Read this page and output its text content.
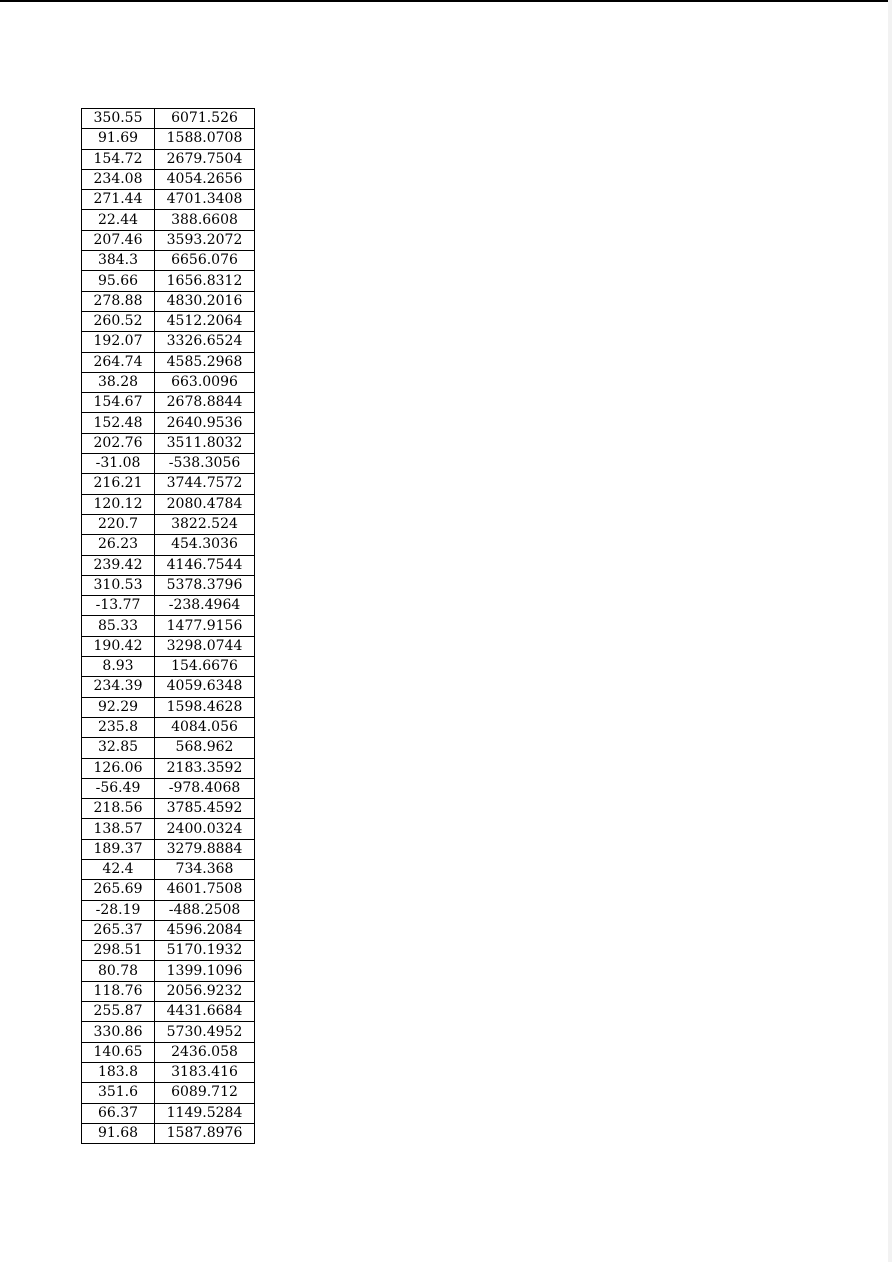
350.55	6071.526
91.69	1588.0708
154.72	2679.7504
234.08	4054.2656
271.44	4701.3408
22.44	388.6608
207.46	3593.2072
384.3	6656.076
95.66	1656.8312
278.88	4830.2016
260.52	4512.2064
192.07	3326.6524
264.74	4585.2968
38.28	663.0096
154.67	2678.8844
152.48	2640.9536
202.76	3511.8032
-31.08	-538.3056
216.21	3744.7572
120.12	2080.4784
220.7	3822.524
26.23	454.3036
239.42	4146.7544
310.53	5378.3796
-13.77	-238.4964
85.33	1477.9156
190.42	3298.0744
8.93	154.6676
234.39	4059.6348
92.29	1598.4628
235.8	4084.056
32.85	568.962
126.06	2183.3592
-56.49	-978.4068
218.56	3785.4592
138.57	2400.0324
189.37	3279.8884
42.4	734.368
265.69	4601.7508
-28.19	-488.2508
265.37	4596.2084
298.51	5170.1932
80.78	1399.1096
118.76	2056.9232
255.87	4431.6684
330.86	5730.4952
140.65	2436.058
183.8	3183.416
351.6	6089.712
66.37	1149.5284
91.68	1587.8976
